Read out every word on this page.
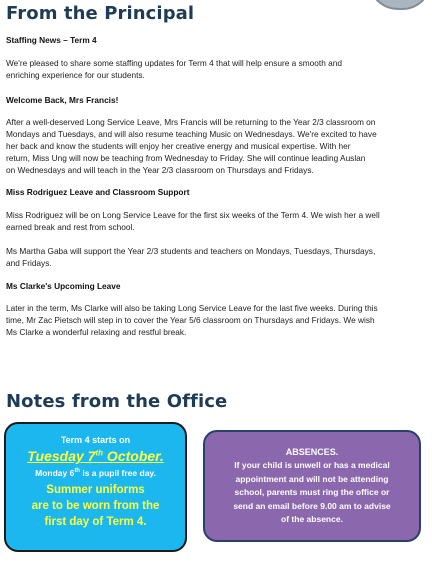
From the Principal

Staffing News – Term 4

We're pleased to share some staffing updates for Term 4 that will help ensure a smooth and
enriching experience for our students.

Welcome Back, Mrs Francis!

After a well-deserved Long Service Leave, Mrs Francis will be returning to the Year 2/3 classroom on
Mondays and Tuesdays, and will also resume teaching Music on Wednesdays. We're excited to have
her back and know the students will enjoy her creative energy and musical expertise. With her
return, Miss Ung will now be teaching from Wednesday to Friday. She will continue leading Auslan
on Wednesdays and will teach in the Year 2/3 classroom on Thursdays and Fridays.

Miss Rodriguez Leave and Classroom Support

Miss Rodriguez will be on Long Service Leave for the first six weeks of the Term 4. We wish her a well
earned break and rest from school.

Ms Martha Gaba will support the Year 2/3 students and teachers on Mondays, Tuesdays, Thursdays,
and Fridays.

Ms Clarke's Upcoming Leave

Later in the term, Ms Clarke will also be taking Long Service Leave for the last five weeks. During this
time, Mr Zac Pietsch will step in to cover the Year 5/6 classroom on Thursdays and Fridays. We wish
Ms Clarke a wonderful relaxing and restful break.

Notes from the Office
Term 4 starts on
Tuesday 7th October.
Monday 6th is a pupil free day.
Summer uniforms
are to be worn from the
first day of Term 4.
ABSENCES.
If your child is unwell or has a medical
appointment and will not be attending
school, parents must ring the office or
send an email before 9.00 am to advise
of the absence.
